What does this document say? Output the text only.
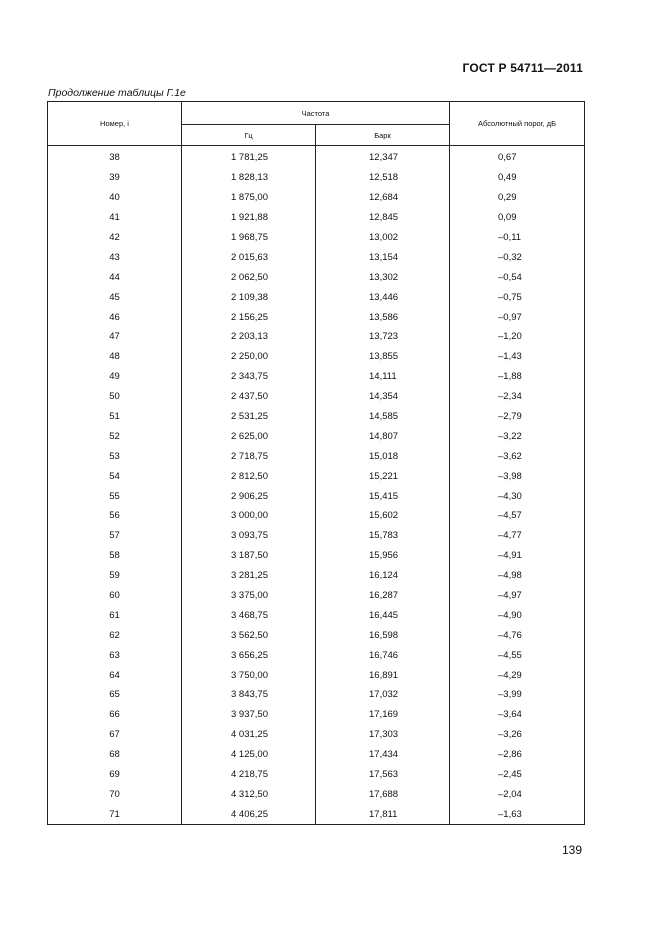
ГОСТ Р 54711—2011
Продолжение таблицы Г.1е
Номер, i	Частота		Абсолютный порог, дБ
	Гц	Барк	
38	1 781,25	12,347	0,67
39	1 828,13	12,518	0,49
40	1 875,00	12,684	0,29
41	1 921,88	12,845	0,09
42	1 968,75	13,002	–0,11
43	2 015,63	13,154	–0,32
44	2 062,50	13,302	–0,54
45	2 109,38	13,446	–0,75
46	2 156,25	13,586	–0,97
47	2 203,13	13,723	–1,20
48	2 250,00	13,855	–1,43
49	2 343,75	14,111	–1,88
50	2 437,50	14,354	–2,34
51	2 531,25	14,585	–2,79
52	2 625,00	14,807	–3,22
53	2 718,75	15,018	–3,62
54	2 812,50	15,221	–3,98
55	2 906,25	15,415	–4,30
56	3 000,00	15,602	–4,57
57	3 093,75	15,783	–4,77
58	3 187,50	15,956	–4,91
59	3 281,25	16,124	–4,98
60	3 375,00	16,287	–4,97
61	3 468,75	16,445	–4,90
62	3 562,50	16,598	–4,76
63	3 656,25	16,746	–4,55
64	3 750,00	16,891	–4,29
65	3 843,75	17,032	–3,99
66	3 937,50	17,169	–3,64
67	4 031,25	17,303	–3,26
68	4 125,00	17,434	–2,86
69	4 218,75	17,563	–2,45
70	4 312,50	17,688	–2,04
71	4 406,25	17,811	–1,63
139
